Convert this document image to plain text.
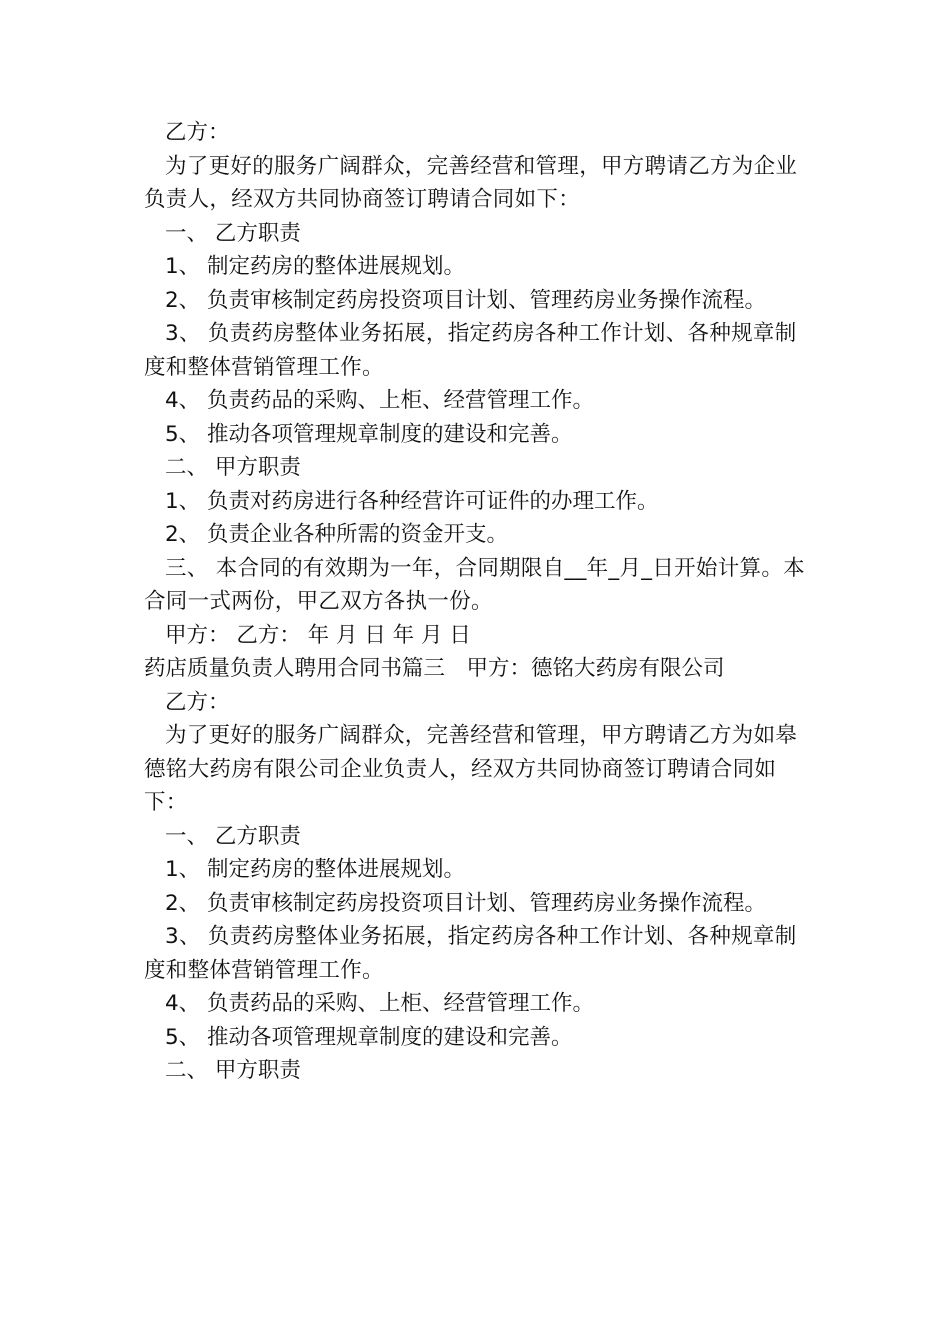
乙方：

为了更好的服务广阔群众，完善经营和管理，甲方聘请乙方为企业负责人，经双方共同协商签订聘请合同如下：

一、 乙方职责

1、 制定药房的整体进展规划。

2、 负责审核制定药房投资项目计划、管理药房业务操作流程。

3、 负责药房整体业务拓展，指定药房各种工作计划、各种规章制度和整体营销管理工作。

4、 负责药品的采购、上柜、经营管理工作。

5、 推动各项管理规章制度的建设和完善。

二、 甲方职责

1、 负责对药房进行各种经营许可证件的办理工作。

2、 负责企业各种所需的资金开支。

三、 本合同的有效期为一年，合同期限自__年_月_日开始计算。本合同一式两份，甲乙双方各执一份。

甲方： 乙方： 年 月 日 年 月 日

药店质量负责人聘用合同书篇三　甲方：德铭大药房有限公司

乙方：

为了更好的服务广阔群众，完善经营和管理，甲方聘请乙方为如皋德铭大药房有限公司企业负责人，经双方共同协商签订聘请合同如下：

一、 乙方职责

1、 制定药房的整体进展规划。

2、 负责审核制定药房投资项目计划、管理药房业务操作流程。

3、 负责药房整体业务拓展，指定药房各种工作计划、各种规章制度和整体营销管理工作。

4、 负责药品的采购、上柜、经营管理工作。

5、 推动各项管理规章制度的建设和完善。

二、 甲方职责
